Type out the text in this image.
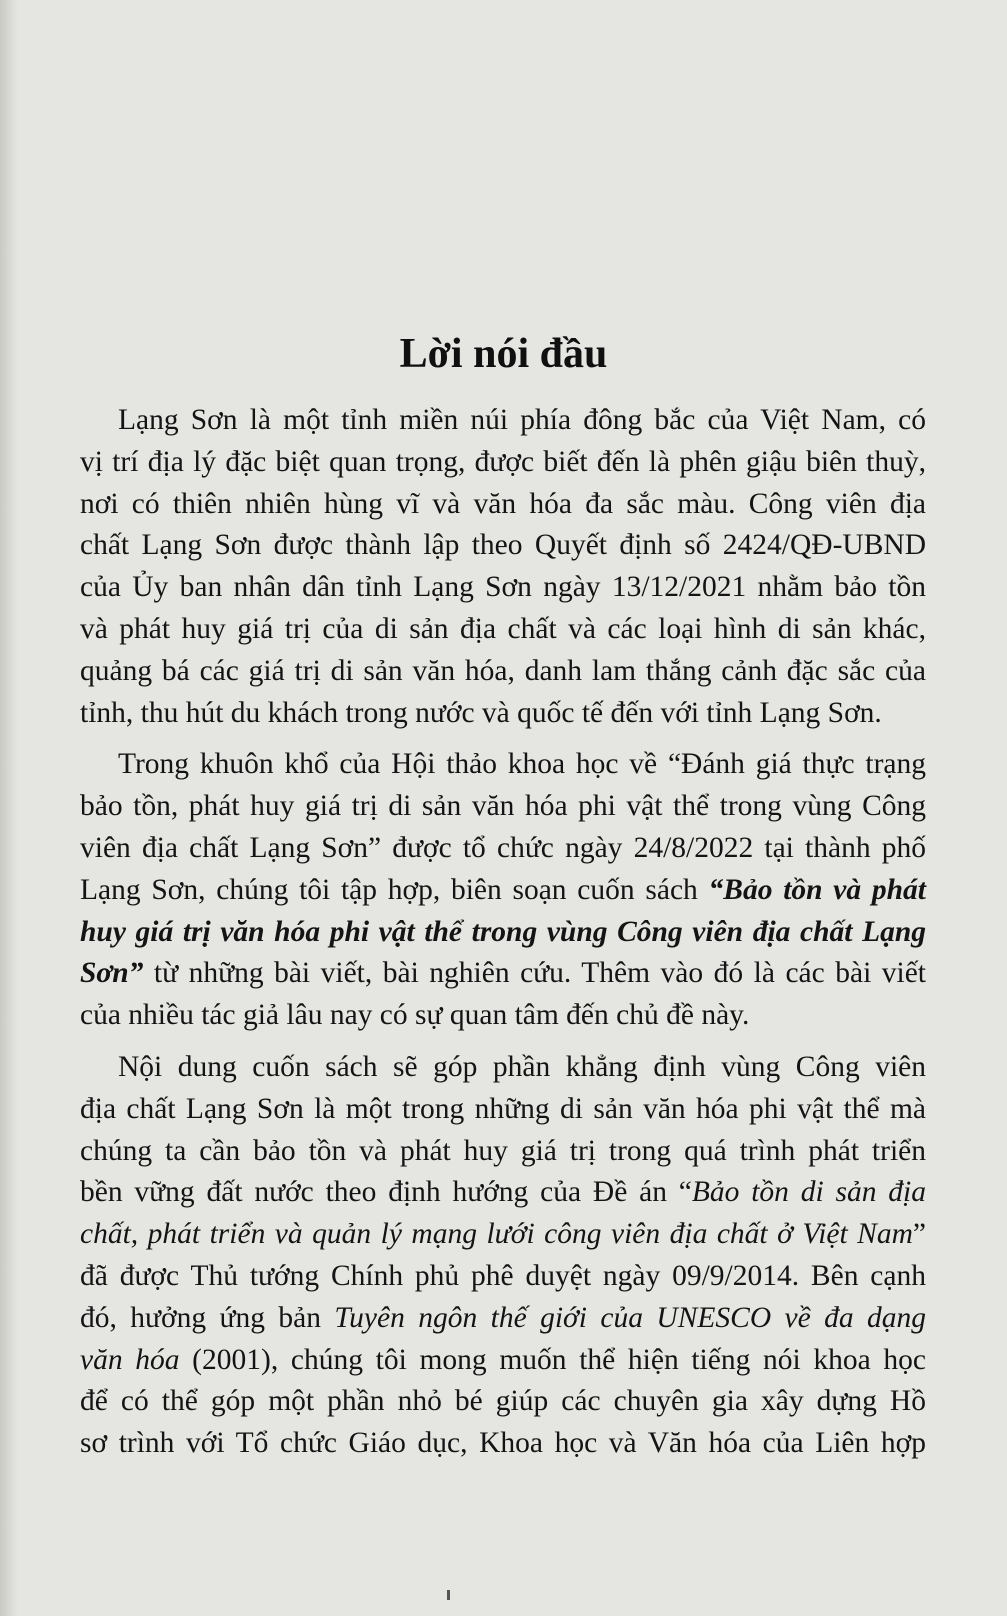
Lời nói đầu

Lạng Sơn là một tỉnh miền núi phía đông bắc của Việt Nam, có
vị trí địa lý đặc biệt quan trọng, được biết đến là phên giậu biên thuỳ,
nơi có thiên nhiên hùng vĩ và văn hóa đa sắc màu. Công viên địa
chất Lạng Sơn được thành lập theo Quyết định số 2424/QĐ-UBND
của Ủy ban nhân dân tỉnh Lạng Sơn ngày 13/12/2021 nhằm bảo tồn
và phát huy giá trị của di sản địa chất và các loại hình di sản khác,
quảng bá các giá trị di sản văn hóa, danh lam thắng cảnh đặc sắc của
tỉnh, thu hút du khách trong nước và quốc tế đến với tỉnh Lạng Sơn.

Trong khuôn khổ của Hội thảo khoa học về “Đánh giá thực trạng
bảo tồn, phát huy giá trị di sản văn hóa phi vật thể trong vùng Công
viên địa chất Lạng Sơn” được tổ chức ngày 24/8/2022 tại thành phố
Lạng Sơn, chúng tôi tập hợp, biên soạn cuốn sách “Bảo tồn và phát
huy giá trị văn hóa phi vật thể trong vùng Công viên địa chất Lạng
Sơn” từ những bài viết, bài nghiên cứu. Thêm vào đó là các bài viết
của nhiều tác giả lâu nay có sự quan tâm đến chủ đề này.

Nội dung cuốn sách sẽ góp phần khẳng định vùng Công viên
địa chất Lạng Sơn là một trong những di sản văn hóa phi vật thể mà
chúng ta cần bảo tồn và phát huy giá trị trong quá trình phát triển
bền vững đất nước theo định hướng của Đề án “Bảo tồn di sản địa
chất, phát triển và quản lý mạng lưới công viên địa chất ở Việt Nam”
đã được Thủ tướng Chính phủ phê duyệt ngày 09/9/2014. Bên cạnh
đó, hưởng ứng bản Tuyên ngôn thế giới của UNESCO về đa dạng
văn hóa (2001), chúng tôi mong muốn thể hiện tiếng nói khoa học
để có thể góp một phần nhỏ bé giúp các chuyên gia xây dựng Hồ
sơ trình với Tổ chức Giáo dục, Khoa học và Văn hóa của Liên hợp
